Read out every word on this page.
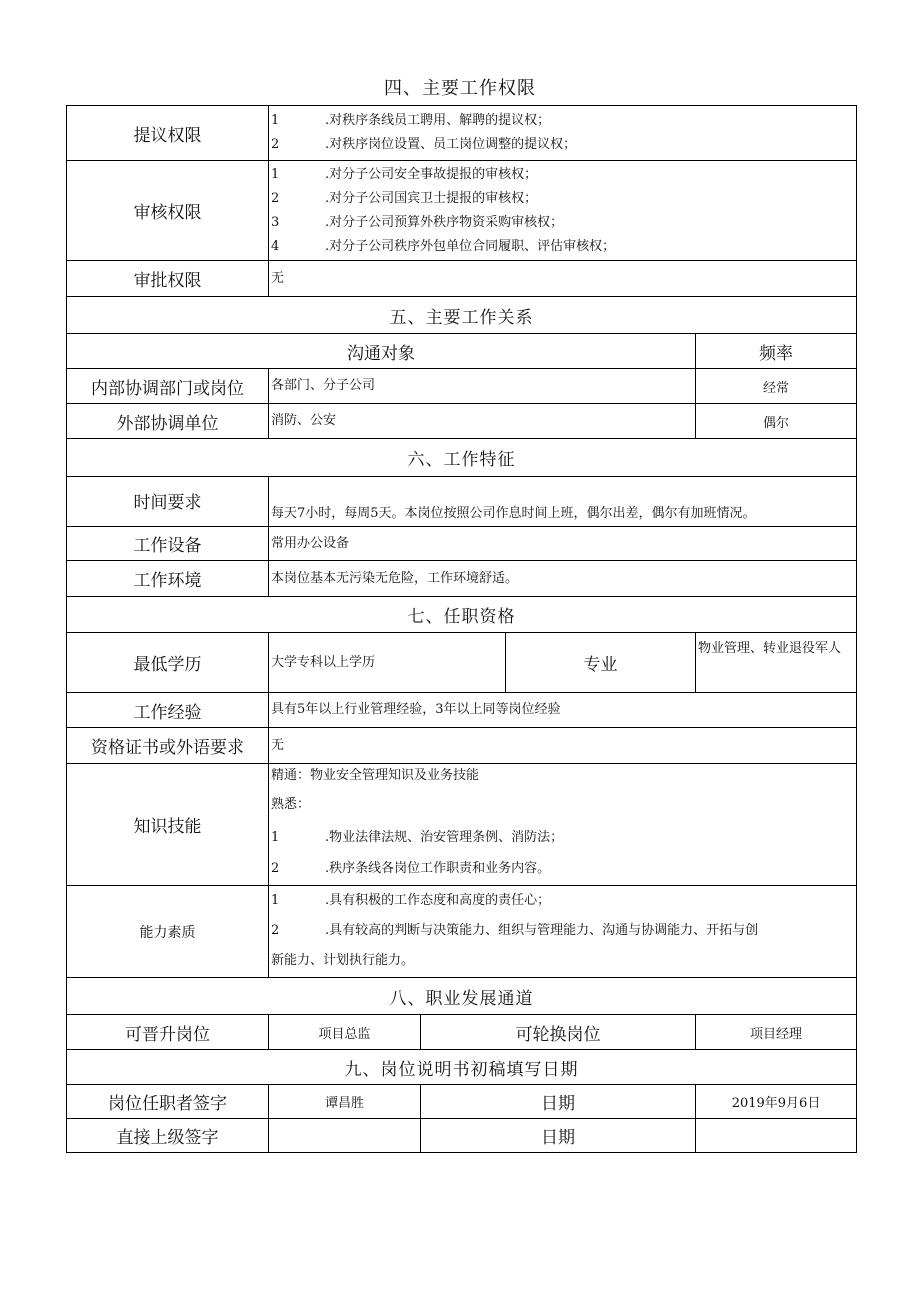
四、主要工作权限
提议权限	1 .对秩序条线员工聘用、解聘的提议权；
2 .对秩序岗位设置、员工岗位调整的提议权；			

审核权限	1 .对分子公司安全事故提报的审核权；
2 .对分子公司国宾卫士提报的审核权；
3 .对分子公司预算外秩序物资采购审核权；
4 .对分子公司秩序外包单位合同履职、评估审核权；			

审批权限	无			
五、主要工作关系				
沟通对象				频率
内部协调部门或岗位	各部门、分子公司			经常
外部协调单位	消防、公安			偶尔
六、工作特征				
时间要求	每天7小时，每周5天。本岗位按照公司作息时间上班，偶尔出差，偶尔有加班情况。			
工作设备	常用办公设备			
工作环境	本岗位基本无污染无危险，工作环境舒适。			
七、任职资格				
最低学历	大学专科以上学历		专业	物业管理、转业退役军人
工作经验	具有5年以上行业管理经验，3年以上同等岗位经验			
资格证书或外语要求	无			
知识技能	精通：物业安全管理知识及业务技能
熟悉：
1 .物业法律法规、治安管理条例、消防法；
2 .秩序条线各岗位工作职责和业务内容。			

能力素质	1 .具有积极的工作态度和高度的责任心；
2 .具有较高的判断与决策能力、组织与管理能力、沟通与协调能力、开拓与创
新能力、计划执行能力。			

八、职业发展通道				
可晋升岗位	项目总监	可轮换岗位		项目经理
九、岗位说明书初稿填写日期				
岗位任职者签字	谭昌胜	日期		2019年9月6日
直接上级签字		日期		
